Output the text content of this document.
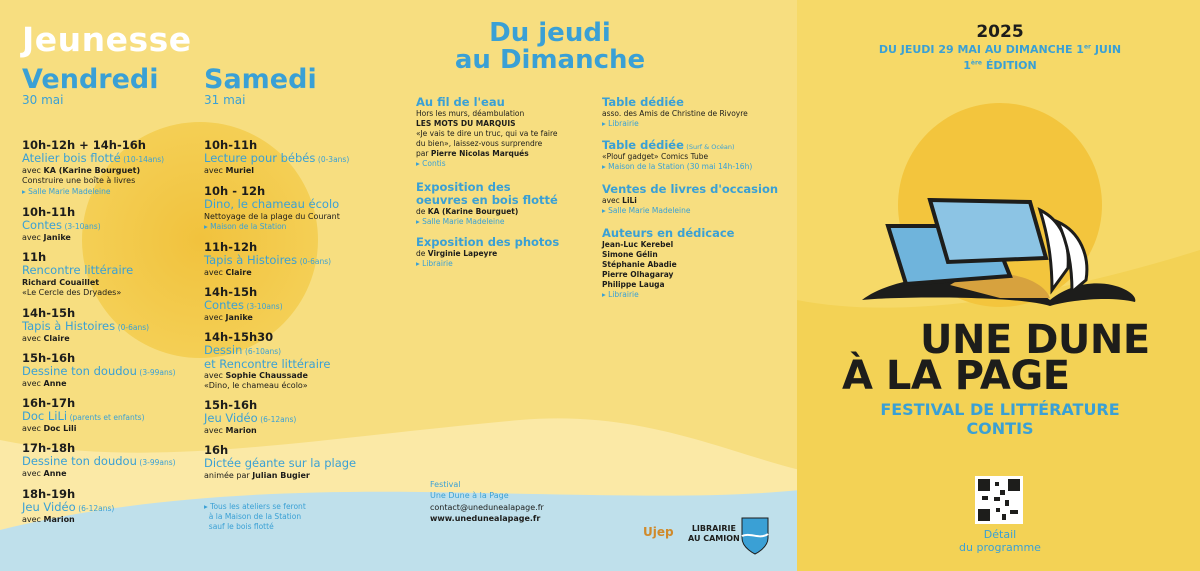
Jeunesse
Vendredi
30 mai
Samedi
31 mai
10h-12h + 14h-16h
Atelier bois flotté (10-14ans)
avec KA (Karine Bourguet)
Construire une boîte à livres
▸ Salle Marie Madeleine
10h-11h
Contes (3-10ans)
avec Janike
11h
Rencontre littéraire
Richard Couaillet
«Le Cercle des Dryades»
14h-15h
Tapis à Histoires (0-6ans)
avec Claire
15h-16h
Dessine ton doudou (3-99ans)
avec Anne
16h-17h
Doc LiLi (parents et enfants)
avec Doc Lili
17h-18h
Dessine ton doudou (3-99ans)
avec Anne
18h-19h
Jeu Vidéo (6-12ans)
avec Marion
10h-11h
Lecture pour bébés (0-3ans)
avec Muriel
10h - 12h
Dino, le chameau écolo
Nettoyage de la plage du Courant
▸ Maison de la Station
11h-12h
Tapis à Histoires (0-6ans)
avec Claire
14h-15h
Contes (3-10ans)
avec Janike
14h-15h30
Dessin (6-10ans)
et Rencontre littéraire
avec Sophie Chaussade
«Dino, le chameau écolo»
15h-16h
Jeu Vidéo (6-12ans)
avec Marion
16h
Dictée géante sur la plage
animée par Julian Bugier
▸ Tous les ateliers se feront
à la Maison de la Station
sauf le bois flotté
Du jeudi
au Dimanche
Au fil de l'eau
Hors les murs, déambulation
LES MOTS DU MARQUIS
«Je vais te dire un truc, qui va te faire
du bien», laissez-vous surprendre
par Pierre Nicolas Marqués
▸ Contis
Exposition des
oeuvres en bois flotté
de KA (Karine Bourguet)
▸ Salle Marie Madeleine
Exposition des photos
de Virginie Lapeyre
▸ Librairie
Table dédiée
asso. des Amis de Christine de Rivoyre
▸ Librairie
Table dédiée (Surf & Océan)
«Plouf gadget» Comics Tube
▸ Maison de la Station (30 mai 14h-16h)
Ventes de livres d'occasion
avec LiLi
▸ Salle Marie Madeleine
Auteurs en dédicace
Jean-Luc Kerebel
Simone Gélin
Stéphanie Abadie
Pierre Olhagaray
Philippe Lauga
▸ Librairie
Festival
Une Dune à la Page
contact@unedunealapage.fr
www.unedunealapage.fr
Ujep	LIBRAIRIE
AU CAMION
2025
DU JEUDI 29 MAI AU DIMANCHE 1er JUIN
1ère ÉDITION
UNE DUNE
À LA PAGE
FESTIVAL DE LITTÉRATURE
CONTIS
Détail
du programme
